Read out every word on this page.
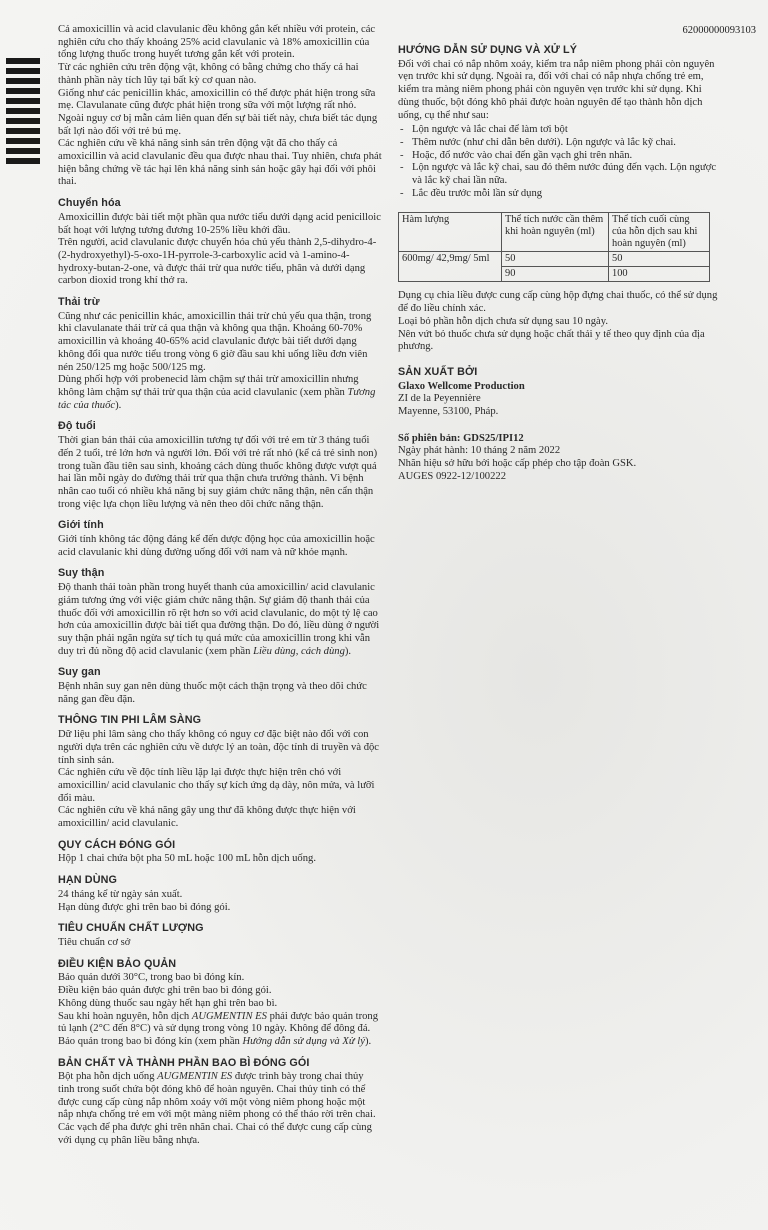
62000000093103

Cả amoxicillin và acid clavulanic đều không gắn kết nhiều với protein, các nghiên cứu cho thấy khoảng 25% acid clavulanic và 18% amoxicillin của tổng lượng thuốc trong huyết tương gắn kết với protein.

Từ các nghiên cứu trên động vật, không có bằng chứng cho thấy cả hai thành phần này tích lũy tại bất kỳ cơ quan nào.

Giống như các penicillin khác, amoxicillin có thể được phát hiện trong sữa mẹ. Clavulanate cũng được phát hiện trong sữa với một lượng rất nhỏ. Ngoài nguy cơ bị mẫn cảm liên quan đến sự bài tiết này, chưa biết tác dụng bất lợi nào đối với trẻ bú mẹ.

Các nghiên cứu về khả năng sinh sản trên động vật đã cho thấy cả amoxicillin và acid clavulanic đều qua được nhau thai. Tuy nhiên, chưa phát hiện bằng chứng về tác hại lên khả năng sinh sản hoặc gây hại đối với phôi thai.

Chuyển hóa

Amoxicillin được bài tiết một phần qua nước tiểu dưới dạng acid penicilloic bất hoạt với lượng tương đương 10-25% liều khởi đầu.

Trên người, acid clavulanic được chuyển hóa chủ yếu thành 2,5-dihydro-4-(2-hydroxyethyl)-5-oxo-1H-pyrrole-3-carboxylic acid và 1-amino-4-hydroxy-butan-2-one, và được thải trừ qua nước tiểu, phân và dưới dạng carbon dioxid trong khí thở ra.

Thải trừ

Cũng như các penicillin khác, amoxicillin thải trừ chủ yếu qua thận, trong khi clavulanate thải trừ cả qua thận và không qua thận. Khoảng 60-70% amoxicillin và khoảng 40-65% acid clavulanic được bài tiết dưới dạng không đổi qua nước tiểu trong vòng 6 giờ đầu sau khi uống liều đơn viên nén 250/125 mg hoặc 500/125 mg.

Dùng phối hợp với probenecid làm chậm sự thải trừ amoxicillin nhưng không làm chậm sự thải trừ qua thận của acid clavulanic (xem phần Tương tác của thuốc).

Độ tuổi

Thời gian bán thải của amoxicillin tương tự đối với trẻ em từ 3 tháng tuổi đến 2 tuổi, trẻ lớn hơn và người lớn. Đối với trẻ rất nhỏ (kể cả trẻ sinh non) trong tuần đầu tiên sau sinh, khoảng cách dùng thuốc không được vượt quá hai lần mỗi ngày do đường thải trừ qua thận chưa trưởng thành. Vì bệnh nhân cao tuổi có nhiều khả năng bị suy giảm chức năng thận, nên cẩn thận trong việc lựa chọn liều lượng và nên theo dõi chức năng thận.

Giới tính

Giới tính không tác động đáng kể đến dược động học của amoxicillin hoặc acid clavulanic khi dùng đường uống đối với nam và nữ khỏe mạnh.

Suy thận

Độ thanh thải toàn phần trong huyết thanh của amoxicillin/ acid clavulanic giảm tương ứng với việc giảm chức năng thận. Sự giảm độ thanh thải của thuốc đối với amoxicillin rõ rệt hơn so với acid clavulanic, do một tỷ lệ cao hơn của amoxicillin được bài tiết qua đường thận. Do đó, liều dùng ở người suy thận phải ngăn ngừa sự tích tụ quá mức của amoxicillin trong khi vẫn duy trì đủ nồng độ acid clavulanic (xem phần Liều dùng, cách dùng).

Suy gan

Bệnh nhân suy gan nên dùng thuốc một cách thận trọng và theo dõi chức năng gan đều đặn.

THÔNG TIN PHI LÂM SÀNG

Dữ liệu phi lâm sàng cho thấy không có nguy cơ đặc biệt nào đối với con người dựa trên các nghiên cứu về dược lý an toàn, độc tính di truyền và độc tính sinh sản.

Các nghiên cứu về độc tính liều lặp lại được thực hiện trên chó với amoxicillin/ acid clavulanic cho thấy sự kích ứng dạ dày, nôn mửa, và lưỡi đổi màu.

Các nghiên cứu về khả năng gây ung thư đã không được thực hiện với amoxicillin/ acid clavulanic.

QUY CÁCH ĐÓNG GÓI

Hộp 1 chai chứa bột pha 50 mL hoặc 100 mL hỗn dịch uống.

HẠN DÙNG

24 tháng kể từ ngày sản xuất.

Hạn dùng được ghi trên bao bì đóng gói.

TIÊU CHUẨN CHẤT LƯỢNG

Tiêu chuẩn cơ sở

ĐIỀU KIỆN BẢO QUẢN

Bảo quản dưới 30°C, trong bao bì đóng kín.

Điều kiện bảo quản được ghi trên bao bì đóng gói.

Không dùng thuốc sau ngày hết hạn ghi trên bao bì.

Sau khi hoàn nguyên, hỗn dịch AUGMENTIN ES phải được bảo quản trong tủ lạnh (2°C đến 8°C) và sử dụng trong vòng 10 ngày. Không để đông đá. Bảo quản trong bao bì đóng kín (xem phần Hướng dẫn sử dụng và Xử lý).

BẢN CHẤT VÀ THÀNH PHẦN BAO BÌ ĐÓNG GÓI

Bột pha hỗn dịch uống AUGMENTIN ES được trình bày trong chai thủy tinh trong suốt chứa bột đóng khô để hoàn nguyên. Chai thủy tinh có thể được cung cấp cùng nắp nhôm xoáy với một vòng niêm phong hoặc một nắp nhựa chống trẻ em với một màng niêm phong có thể tháo rời trên chai. Các vạch để pha được ghi trên nhãn chai. Chai có thể được cung cấp cùng với dụng cụ phân liều bằng nhựa.

HƯỚNG DẪN SỬ DỤNG VÀ XỬ LÝ

Đối với chai có nắp nhôm xoáy, kiểm tra nắp niêm phong phải còn nguyên vẹn trước khi sử dụng. Ngoài ra, đối với chai có nắp nhựa chống trẻ em, kiểm tra màng niêm phong phải còn nguyên vẹn trước khi sử dụng. Khi dùng thuốc, bột đóng khô phải được hoàn nguyên để tạo thành hỗn dịch uống, cụ thể như sau:

- Lộn ngược và lắc chai để làm tơi bột
- Thêm nước (như chỉ dẫn bên dưới). Lộn ngược và lắc kỹ chai.
- Hoặc, đổ nước vào chai đến gần vạch ghi trên nhãn.
- Lộn ngược và lắc kỹ chai, sau đó thêm nước đúng đến vạch. Lộn ngược và lắc kỹ chai lần nữa.
- Lắc đều trước mỗi lần sử dụng
Hàm lượng	Thể tích nước cần thêm khi hoàn nguyên (ml)	Thể tích cuối cùng của hỗn dịch sau khi hoàn nguyên (ml)
600mg/ 42,9mg/ 5ml	50	50
	90	100

Dụng cụ chia liều được cung cấp cùng hộp đựng chai thuốc, có thể sử dụng để đo liều chính xác.

Loại bỏ phần hỗn dịch chưa sử dụng sau 10 ngày.

Nên vứt bỏ thuốc chưa sử dụng hoặc chất thải y tế theo quy định của địa phương.

SẢN XUẤT BỞI

Glaxo Wellcome Production

ZI de la Peyennière

Mayenne, 53100, Pháp.

Số phiên bản: GDS25/IPI12

Ngày phát hành: 10 tháng 2 năm 2022

Nhãn hiệu sở hữu bởi hoặc cấp phép cho tập đoàn GSK.

AUGES 0922-12/100222
